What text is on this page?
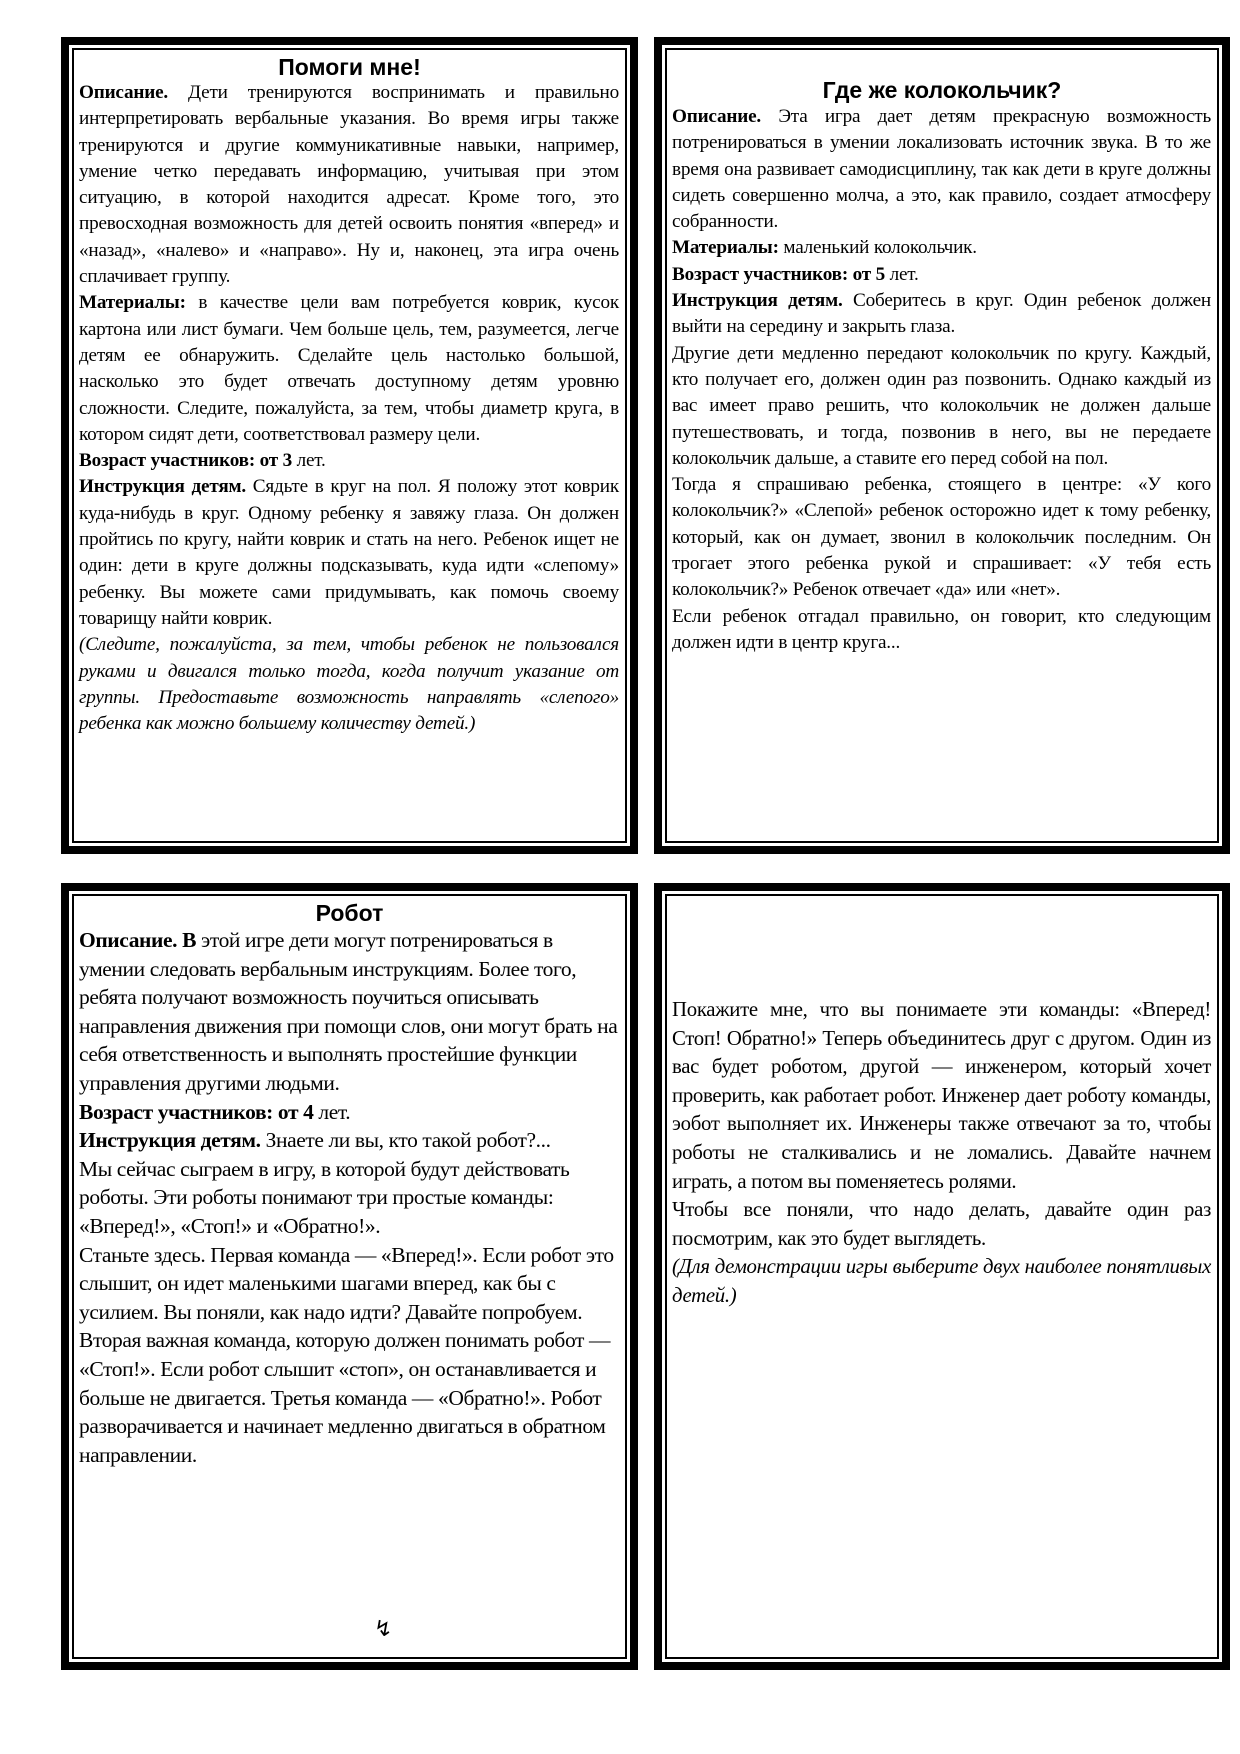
Помоги мне!

Описание. Дети тренируются воспринимать и правильно интерпретировать вербальные указания. Во время игры также тренируются и другие коммуникативные навыки, например, умение четко передавать информацию, учитывая при этом ситуацию, в которой находится адресат. Кроме того, это превосходная возможность для детей освоить понятия «вперед» и «назад», «налево» и «направо». Ну и, наконец, эта игра очень сплачивает группу.

Материалы: в качестве цели вам потребуется коврик, кусок картона или лист бумаги. Чем больше цель, тем, разумеется, легче детям ее обнаружить. Сделайте цель настолько большой, насколько это будет отвечать доступному детям уровню сложности. Следите, пожалуйста, за тем, чтобы диаметр круга, в котором сидят дети, соответствовал размеру цели.

Возраст участников: от 3 лет.

Инструкция детям. Сядьте в круг на пол. Я положу этот коврик куда-нибудь в круг. Одному ребенку я завяжу глаза. Он должен пройтись по кругу, найти коврик и стать на него. Ребенок ищет не один: дети в круге должны подсказывать, куда идти «слепому» ребенку. Вы можете сами придумывать, как помочь своему товарищу найти коврик.

(Следите, пожалуйста, за тем, чтобы ребенок не пользовался руками и двигался только тогда, когда получит указание от группы. Предоставьте возможность направлять «слепого» ребенка как можно большему количеству детей.)

Где же колокольчик?

Описание. Эта игра дает детям прекрасную возможность потренироваться в умении локализовать источник звука. В то же время она развивает самодисциплину, так как дети в круге должны сидеть совершенно молча, а это, как правило, создает атмосферу собранности.

Материалы: маленький колокольчик.

Возраст участников: от 5 лет.

Инструкция детям. Соберитесь в круг. Один ребенок должен выйти на середину и закрыть глаза.

Другие дети медленно передают колокольчик по кругу. Каждый, кто получает его, должен один раз позвонить. Однако каждый из вас имеет право решить, что колокольчик не должен дальше путешествовать, и тогда, позвонив в него, вы не передаете колокольчик дальше, а ставите его перед собой на пол.

Тогда я спрашиваю ребенка, стоящего в центре: «У кого колокольчик?» «Слепой» ребенок осторожно идет к тому ребенку, который, как он думает, звонил в колокольчик последним. Он трогает этого ребенка рукой и спрашивает: «У тебя есть колокольчик?» Ребенок отвечает «да» или «нет».

Если ребенок отгадал правильно, он говорит, кто следующим должен идти в центр круга...

Робот

Описание. В этой игре дети могут потренироваться в умении следовать вербальным инструкциям. Более того, ребята получают возможность поучиться описывать направления движения при помощи слов, они могут брать на себя ответственность и выполнять простейшие функции управления другими людьми.

Возраст участников: от 4 лет.

Инструкция детям. Знаете ли вы, кто такой робот?...

Мы сейчас сыграем в игру, в которой будут действовать роботы. Эти роботы понимают три простые команды: «Вперед!», «Стоп!» и «Обратно!».

Станьте здесь. Первая команда — «Вперед!». Если робот это слышит, он идет маленькими шагами вперед, как бы с усилием. Вы поняли, как надо идти? Давайте попробуем. Вторая важная команда, которую должен понимать робот — «Стоп!». Если робот слышит «стоп», он останавливается и больше не двигается. Третья команда — «Обратно!». Робот разворачивается и начинает медленно двигаться в обратном направлении.

↯

Покажите мне, что вы понимаете эти команды: «Вперед! Стоп! Обратно!» Теперь объединитесь друг с другом. Один из вас будет роботом, другой — инженером, который хочет проверить, как работает робот. Инженер дает роботу команды, эобот выполняет их. Инженеры также отвечают за то, чтобы роботы не сталкивались и не ломались. Давайте начнем играть, а потом вы поменяетесь ролями.

Чтобы все поняли, что надо делать, давайте один раз посмотрим, как это будет выглядеть.

(Для демонстрации игры выберите двух наиболее понятливых детей.)
